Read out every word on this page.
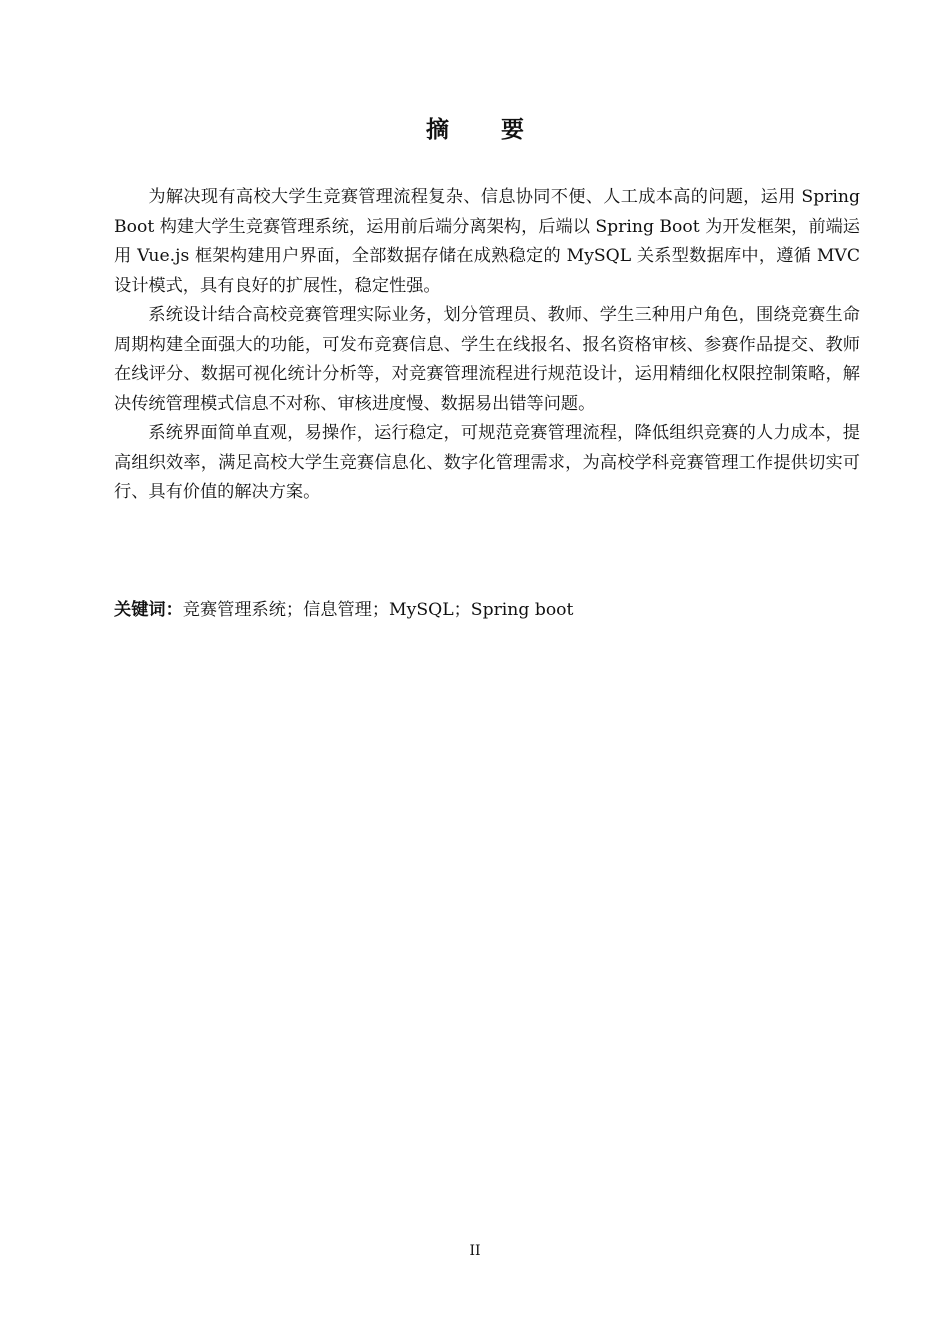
摘 要

为解决现有高校大学生竞赛管理流程复杂、信息协同不便、人工成本高的问题，运用 Spring Boot 构建大学生竞赛管理系统，运用前后端分离架构，后端以 Spring Boot 为开发框架，前端运用 Vue.js 框架构建用户界面，全部数据存储在成熟稳定的 MySQL 关系型数据库中，遵循 MVC 设计模式，具有良好的扩展性，稳定性强。

系统设计结合高校竞赛管理实际业务，划分管理员、教师、学生三种用户角色，围绕竞赛生命周期构建全面强大的功能，可发布竞赛信息、学生在线报名、报名资格审核、参赛作品提交、教师在线评分、数据可视化统计分析等，对竞赛管理流程进行规范设计，运用精细化权限控制策略，解决传统管理模式信息不对称、审核进度慢、数据易出错等问题。

系统界面简单直观，易操作，运行稳定，可规范竞赛管理流程，降低组织竞赛的人力成本，提高组织效率，满足高校大学生竞赛信息化、数字化管理需求，为高校学科竞赛管理工作提供切实可行、具有价值的解决方案。

关键词：竞赛管理系统；信息管理；MySQL；Spring boot
II
